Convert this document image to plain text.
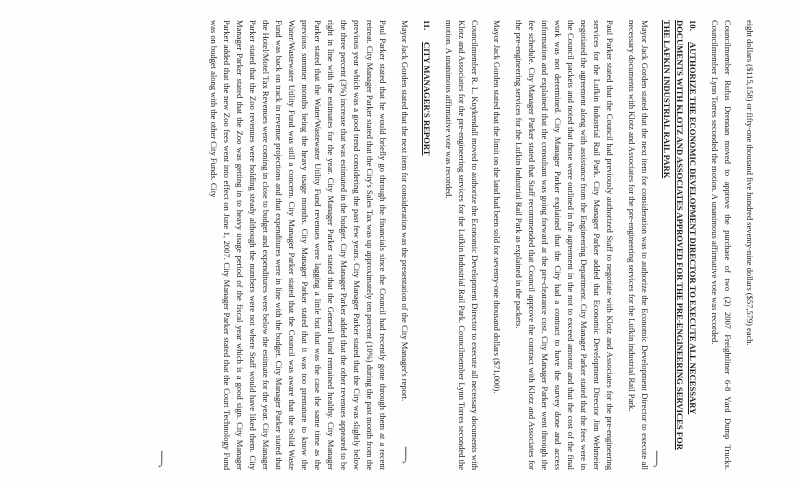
eight dollars ($115,158) or fifty-one thousand five hundred seventy-nine dollars ($57,579) each.

Councilmember Rufus Drennan moved to approve the purchase of two (2) 2007 Freightliner 6-8 Yard Dump Trucks. Councilmember Lynn Torres seconded the motion. A unanimous affirmative vote was recorded.

10.AUTHORIZE THE ECONOMIC DEVELOPMENT DIRECTOR TO EXECUTE ALL NECESSARY DOCUMENTS WITH KLOTZ AND ASSOCIATES APPROVED FOR THE PRE-ENGINEERING SERVICES FOR THE LAFKIN INDUSTRIAL RAIL PARK

Mayor Jack Gorden stated that the next item for consideration was to authorize the Economic Development Director to execute all necessary documents with Klotz and Associates for the pre-engineering services for the Lufkin industrial Rail Park.

Paul Parker stated that the Council had previously authorized Staff to negotiate with Klotz and Associates for the pre-engineering services for the Lufkin Industrial Rail Park. City Manager Parker added that Economic Development Director Jim Wehmeier negotiated the agreement along with assistance from the Engineering Department. City Manager Parker stated that the fees were in the Council packets and noted that those were outlined in the agreement in the not to exceed amount and that the cost of the final work was not determined. City Manager Parker explained that the City had a contract to have the survey done and access information and explained that the consultant was going forward at the pre-clearance cost. City Manager Parker went through the fee schedule. City Manager Parker stated that Staff recommended that Council approve the contract with Klotz and Associates for the pre-engineering services for the Lufkin Industrial Rail Park as explained in the packets.

Mayor Jack Gorden stated that the limit on the land had been sold for seventy-one thousand dollars ($71,000).

Councilmember R. L. Kuykendall moved to authorize the Economic Development Director to execute all necessary documents with Klotz and Associates for the pre-engineering services for the Lufkin Industrial Rail Park. Councilmember Lynn Torres seconded the motion. A unanimous affirmative vote was recorded.

11.CITY MANAGER'S REPORT

Mayor Jack Gorden stated that the next item for consideration was the presentation of the City Manager's report.

Paul Parker stated that he would briefly go through the financials since the Council had recently gone through them at a recent retreat. City Manager Parker stated that the City's Sales Tax was up approximately ten percent (10%) during the past month from the previous year which was a good trend considering the past few years. City Manager Parker stated that the City was slightly below the three percent (3%) increase that was estimated in the budget. City Manager Parker added that the other revenues appeared to be right in line with the estimates for the year. City Manager Parker stated that the General Fund remained healthy. City Manager Parker stated that the Water/Wastewater Utility Fund revenues were lagging a little but that was the case the same time as the previous summer months being the heavy usage months. City Manager Parker stated that it was too premature to know the Water/Wastewater Utility Fund was still a concern. City Manager Parker stated that the Council was aware that the Solid Waste Fund was back on track in revenue projections and that expenditures were in line with the budget. City Manager Parker stated that the Hotel/Motel Tax Revenues were coming in close to budget and expenditures were below the estimate for the year. City Manager Parker stated that the Zoo revenues were holding steady although the numbers were not where Staff would have liked them. City Manager Parker stated that the Zoo was getting in to heavy usage period of the fiscal year which is a good sign. City Manager Parker added that the new Zoo fees went into effect on June 1, 2007. City Manager Parker stated that the Court Technology Fund was on budget along with the other City Funds. City

⌡	⌡	⌡
